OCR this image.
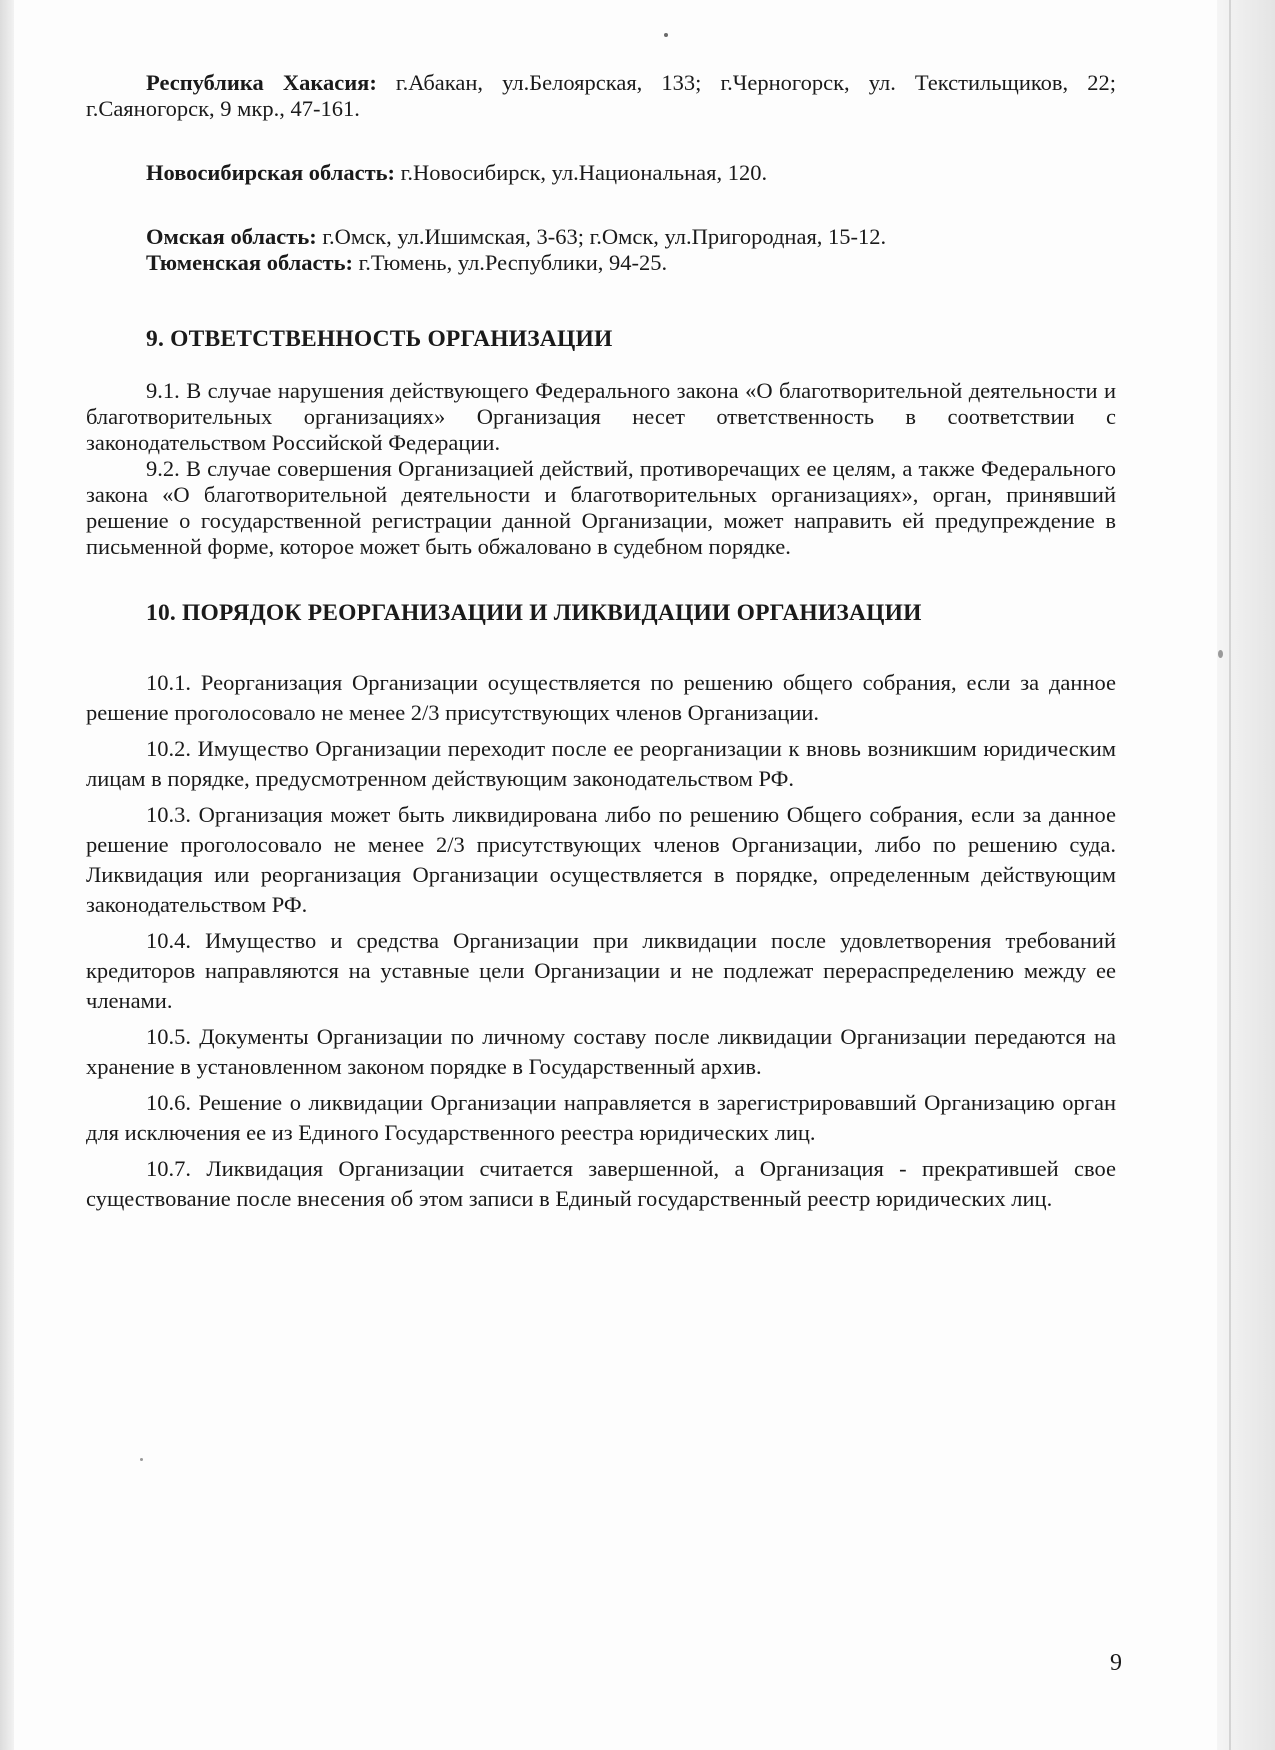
Республика Хакасия: г.Абакан, ул.Белоярская, 133; г.Черногорск, ул. Текстильщиков, 22; г.Саяногорск, 9 мкр., 47-161.

Новосибирская область: г.Новосибирск, ул.Национальная, 120.

Омская область: г.Омск, ул.Ишимская, 3-63; г.Омск, ул.Пригородная, 15-12.

Тюменская область: г.Тюмень, ул.Республики, 94-25.

9. ОТВЕТСТВЕННОСТЬ ОРГАНИЗАЦИИ

9.1. В случае нарушения действующего Федерального закона «О благотворительной деятельности и благотворительных организациях» Организация несет ответственность в соответствии с законодательством Российской Федерации.

9.2. В случае совершения Организацией действий, противоречащих ее целям, а также Федерального закона «О благотворительной деятельности и благотворительных организациях», орган, принявший решение о государственной регистрации данной Организации, может направить ей предупреждение в письменной форме, которое может быть обжаловано в судебном порядке.

10. ПОРЯДОК РЕОРГАНИЗАЦИИ И ЛИКВИДАЦИИ ОРГАНИЗАЦИИ

10.1. Реорганизация Организации осуществляется по решению общего собрания, если за данное решение проголосовало не менее 2/3 присутствующих членов Организации.

10.2. Имущество Организации переходит после ее реорганизации к вновь возникшим юридическим лицам в порядке, предусмотренном действующим законодательством РФ.

10.3. Организация может быть ликвидирована либо по решению Общего собрания, если за данное решение проголосовало не менее 2/3 присутствующих членов Организации, либо по решению суда. Ликвидация или реорганизация Организации осуществляется в порядке, определенным действующим законодательством РФ.

10.4. Имущество и средства Организации при ликвидации после удовлетворения требований кредиторов направляются на уставные цели Организации и не подлежат перераспределению между ее членами.

10.5. Документы Организации по личному составу после ликвидации Организации передаются на хранение в установленном законом порядке в Государственный архив.

10.6. Решение о ликвидации Организации направляется в зарегистрировавший Организацию орган для исключения ее из Единого Государственного реестра юридических лиц.

10.7. Ликвидация Организации считается завершенной, а Организация - прекратившей свое существование после внесения об этом записи в Единый государственный реестр юридических лиц.

9
